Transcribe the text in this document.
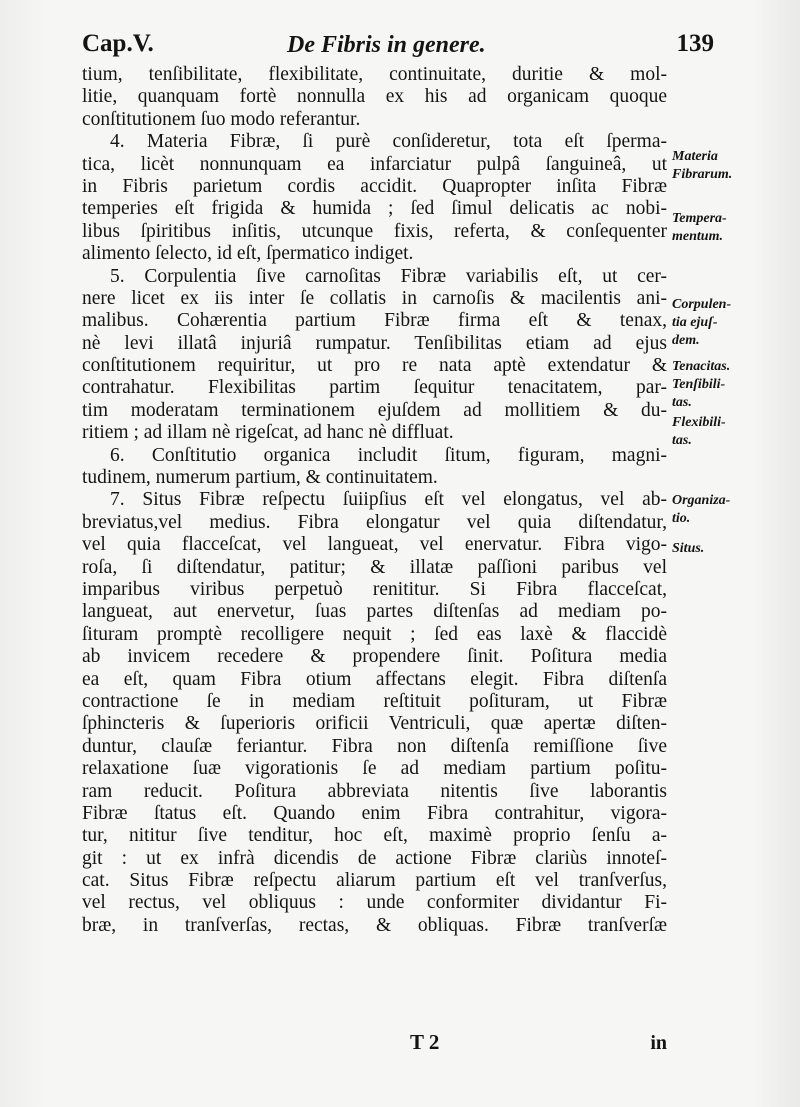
Cap.V.	De Fibris in genere.	139
tium, tenſibilitate, flexibilitate, continuitate, duritie & mol-
litie, quanquam fortè nonnulla ex his ad organicam quoque
conſtitutionem ſuo modo referantur.
4. Materia Fibræ, ſi purè conſideretur, tota eſt ſperma-
tica, licèt nonnunquam ea infarciatur pulpâ ſanguineâ, ut
in Fibris parietum cordis accidit. Quapropter inſita Fibræ
temperies eſt frigida & humida ; ſed ſimul delicatis ac nobi-
libus ſpiritibus inſitis, utcunque fixis, referta, & conſequenter
alimento ſelecto, id eſt, ſpermatico indiget.
5. Corpulentia ſive carnoſitas Fibræ variabilis eſt, ut cer-
nere licet ex iis inter ſe collatis in carnoſis & macilentis ani-
malibus. Cohærentia partium Fibræ firma eſt & tenax,
nè levi illatâ injuriâ rumpatur. Tenſibilitas etiam ad ejus
conſtitutionem requiritur, ut pro re nata aptè extendatur &
contrahatur. Flexibilitas partim ſequitur tenacitatem, par-
tim moderatam terminationem ejuſdem ad mollitiem & du-
ritiem ; ad illam nè rigeſcat, ad hanc nè diffluat.
6. Conſtitutio organica includit ſitum, figuram, magni-
tudinem, numerum partium, & continuitatem.
7. Situs Fibræ reſpectu ſuiipſius eſt vel elongatus, vel ab-
breviatus,vel medius. Fibra elongatur vel quia diſtendatur,
vel quia flacceſcat, vel langueat, vel enervatur. Fibra vigo-
roſa, ſi diſtendatur, patitur; & illatæ paſſioni paribus vel
imparibus viribus perpetuò renititur. Si Fibra flacceſcat,
langueat, aut enervetur, ſuas partes diſtenſas ad mediam po-
ſituram promptè recolligere nequit ; ſed eas laxè & flaccidè
ab invicem recedere & propendere ſinit. Poſitura media
ea eſt, quam Fibra otium affectans elegit. Fibra diſtenſa
contractione ſe in mediam reſtituit poſituram, ut Fibræ
ſphincteris & ſuperioris orificii Ventriculi, quæ apertæ diſten-
duntur, clauſæ feriantur. Fibra non diſtenſa remiſſione ſive
relaxatione ſuæ vigorationis ſe ad mediam partium poſitu-
ram reducit. Poſitura abbreviata nitentis ſive laborantis
Fibræ ſtatus eſt. Quando enim Fibra contrahitur, vigora-
tur, nititur ſive tenditur, hoc eſt, maximè proprio ſenſu a-
git : ut ex infrà dicendis de actione Fibræ clariùs innoteſ-
cat. Situs Fibræ reſpectu aliarum partium eſt vel tranſverſus,
vel rectus, vel obliquus : unde conformiter dividantur Fi-
bræ, in tranſverſas, rectas, & obliquas. Fibræ tranſverſæ
Materia
Fibrarum.
Tempera-
mentum.
Corpulen-
tia ejuſ-
dem.
Tenacitas.
Tenſibili-
tas.
Flexibili-
tas.
Organiza-
tio.
Situs.
T 2	in
